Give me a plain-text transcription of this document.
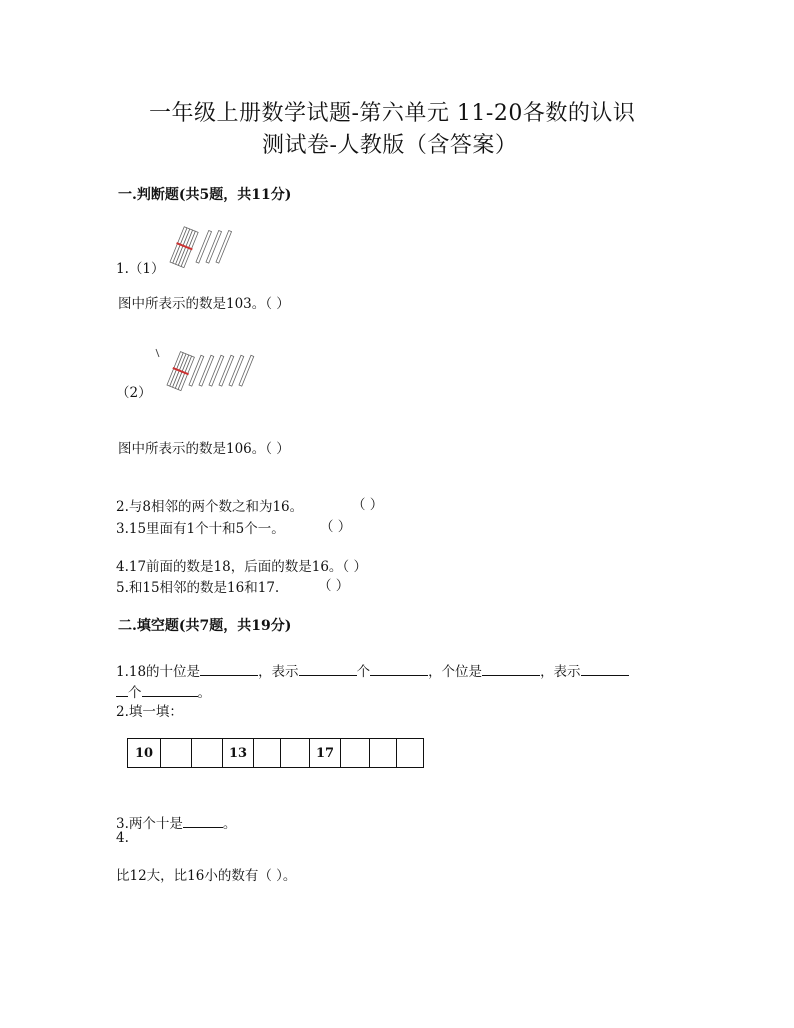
一年级上册数学试题-第六单元 11-20各数的认识
测试卷-人教版（含答案）
一.判断题(共5题，共11分)
1.（1）
图中所表示的数是103。（ ）
（2）
图中所表示的数是106。（ ）
2.与8相邻的两个数之和为16。	（ ）
3.15里面有1个十和5个一。	（ ）
4.17前面的数是18，后面的数是16。（ ）
5.和15相邻的数是16和17.	（ ）
二.填空题(共7题，共19分)
1.18的十位是	，表示	个	，个位是	，表示
个	。
2.填一填：
10			13			17			
3.两个十是	。
4.
比12大，比16小的数有（ ）。
